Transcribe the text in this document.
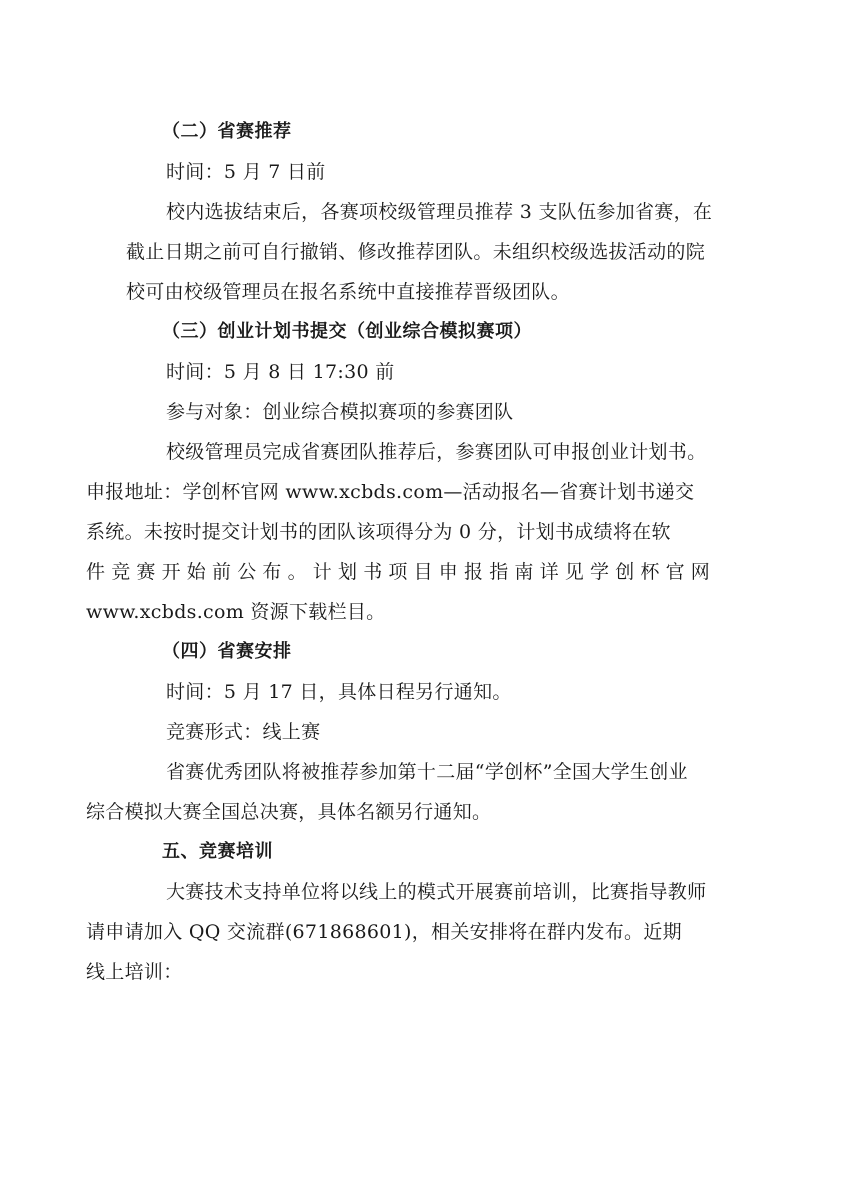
（二）省赛推荐

时间：5 月 7 日前

校内选拔结束后，各赛项校级管理员推荐 3 支队伍参加省赛，在
截止日期之前可自行撤销、修改推荐团队。未组织校级选拔活动的院
校可由校级管理员在报名系统中直接推荐晋级团队。

（三）创业计划书提交（创业综合模拟赛项）

时间：5 月 8 日 17:30 前

参与对象：创业综合模拟赛项的参赛团队

校级管理员完成省赛团队推荐后，参赛团队可申报创业计划书。
申报地址：学创杯官网 www.xcbds.com—活动报名—省赛计划书递交
系统。未按时提交计划书的团队该项得分为 0 分，计划书成绩将在软
件竞赛开始前公布。计划书项目申报指南详见学创杯官网
www.xcbds.com 资源下载栏目。

（四）省赛安排

时间：5 月 17 日，具体日程另行通知。

竞赛形式：线上赛

省赛优秀团队将被推荐参加第十二届“学创杯”全国大学生创业
综合模拟大赛全国总决赛，具体名额另行通知。

五、竞赛培训

大赛技术支持单位将以线上的模式开展赛前培训，比赛指导教师
请申请加入 QQ 交流群(671868601)，相关安排将在群内发布。近期
线上培训：
